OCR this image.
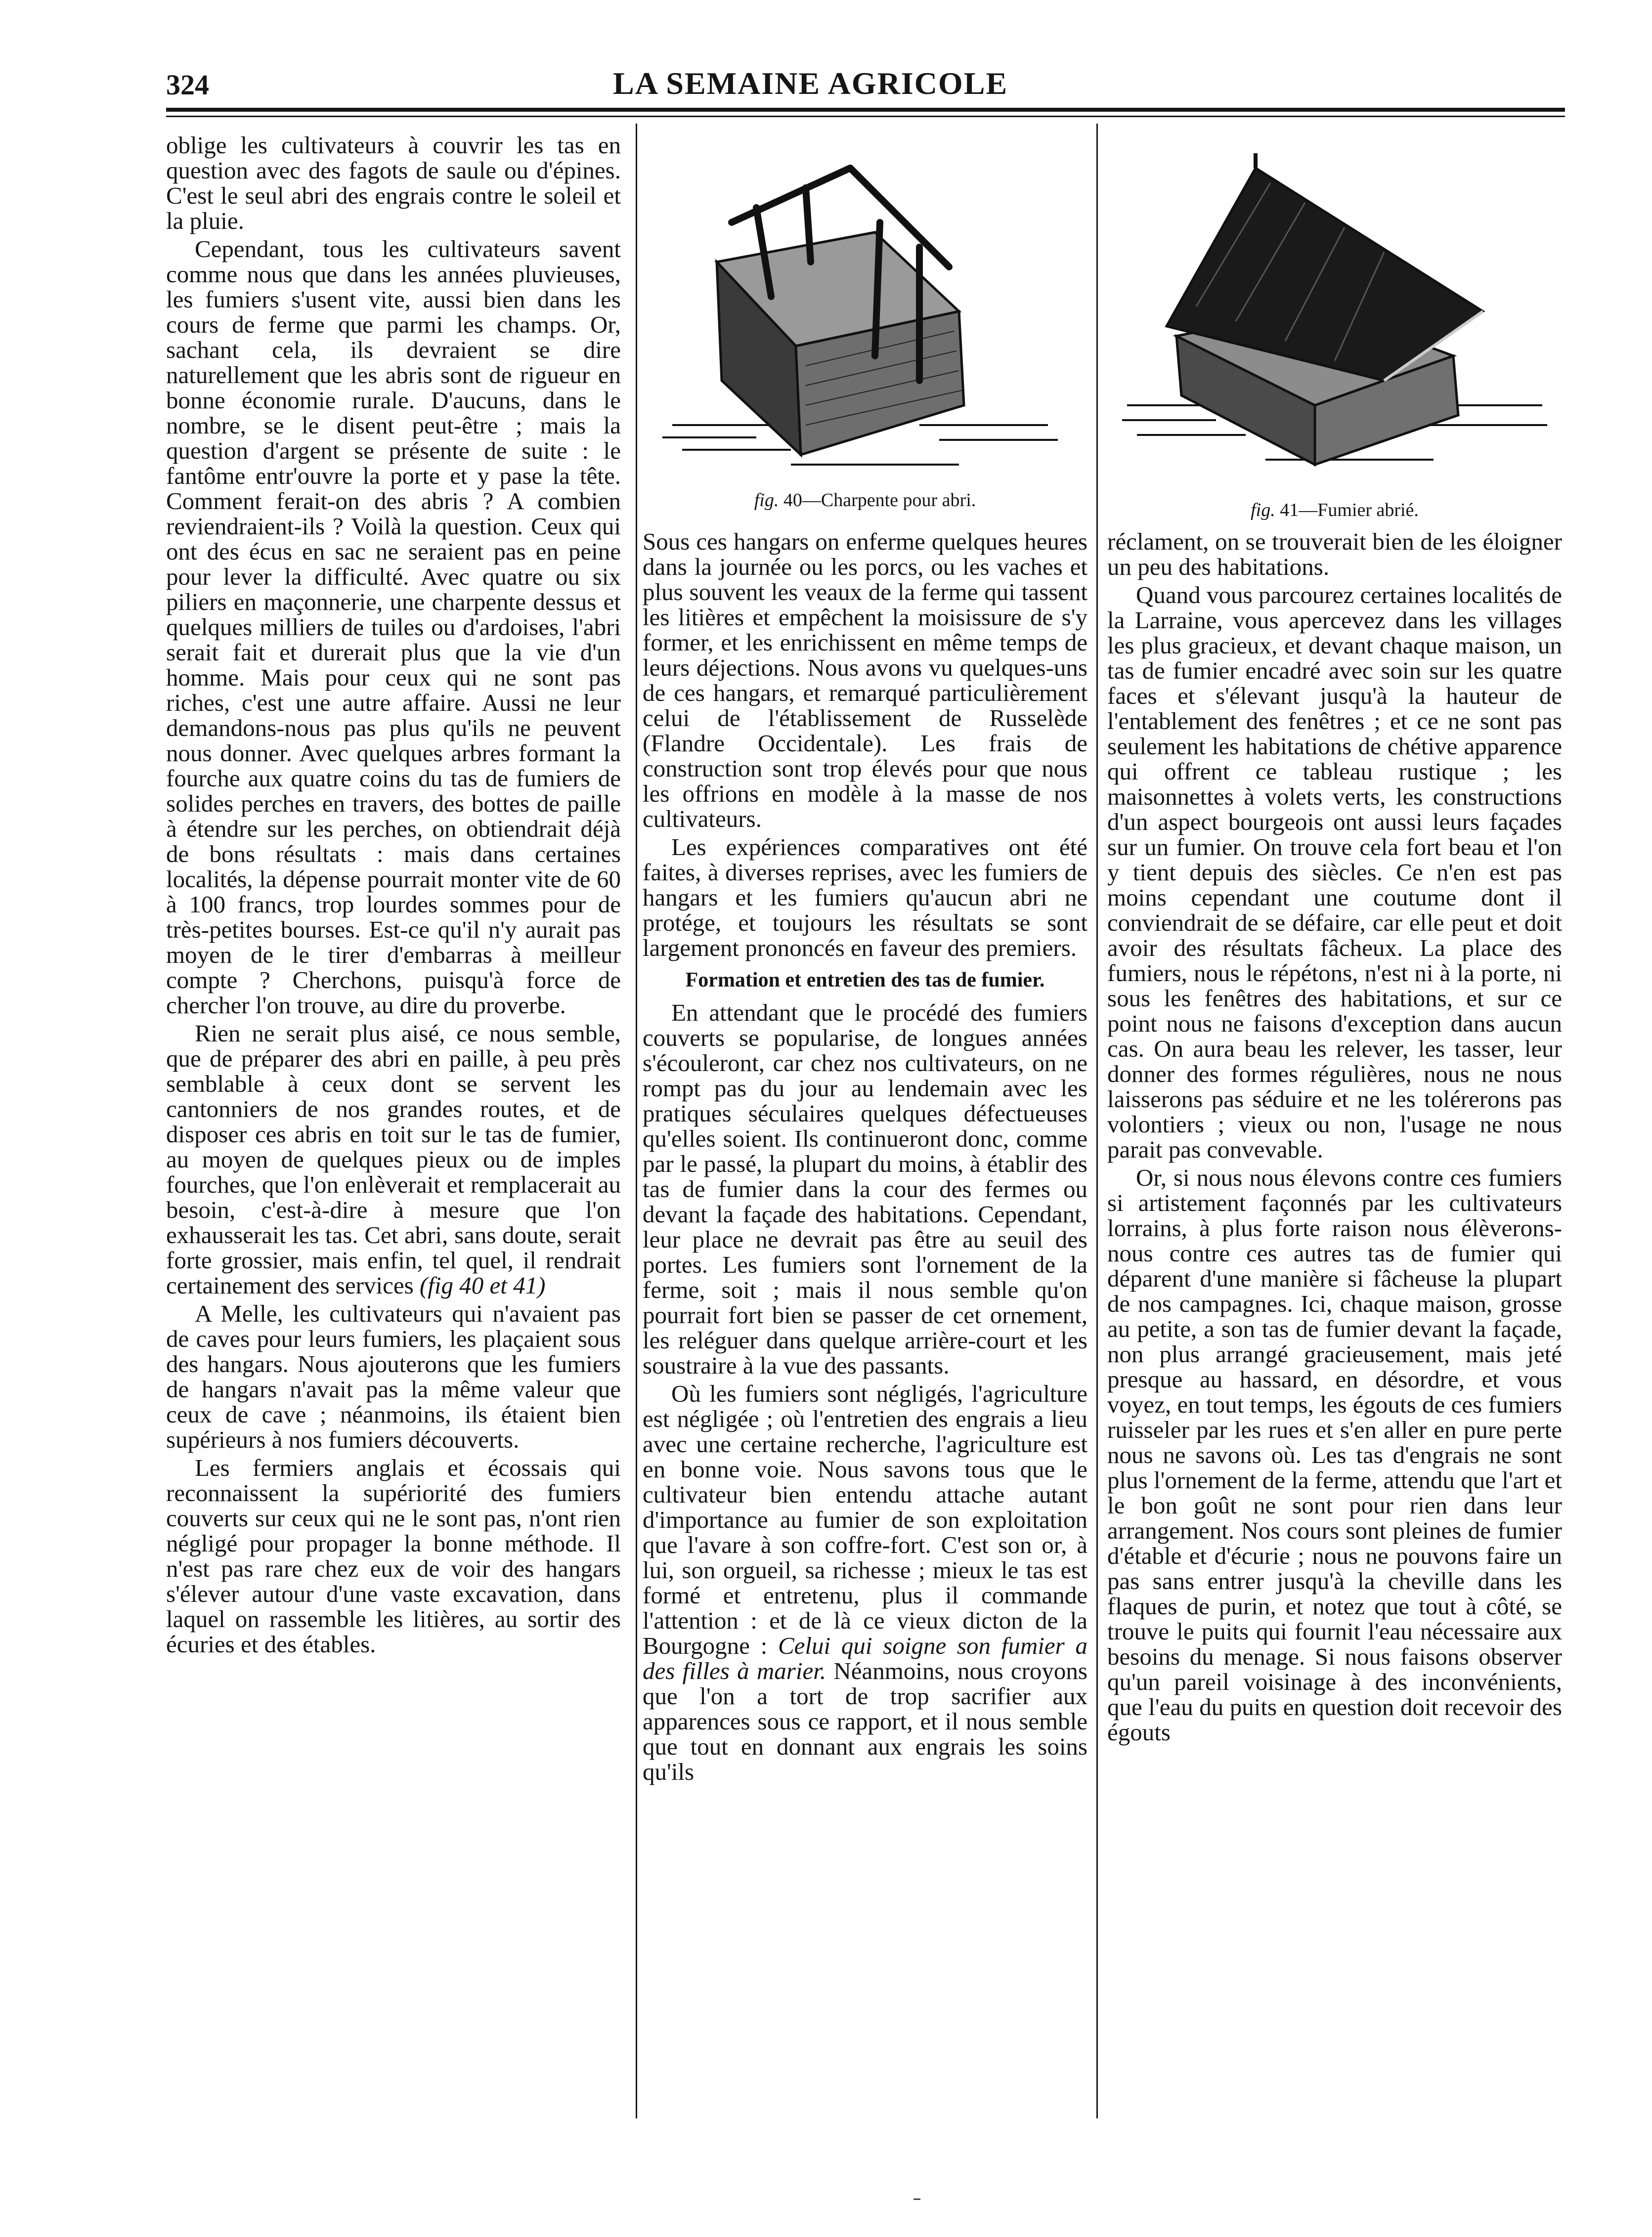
324	LA SEMAINE AGRICOLE

oblige les cultivateurs à couvrir les tas en question avec des fagots de saule ou d'épines. C'est le seul abri des engrais contre le soleil et la pluie.

Cependant, tous les cultivateurs savent comme nous que dans les années pluvieuses, les fumiers s'usent vite, aussi bien dans les cours de ferme que parmi les champs. Or, sachant cela, ils devraient se dire naturellement que les abris sont de rigueur en bonne économie rurale. D'aucuns, dans le nombre, se le disent peut-être ; mais la question d'argent se présente de suite : le fantôme entr'ouvre la porte et y pase la tête. Comment ferait-on des abris ? A combien reviendraient-ils ? Voilà la question. Ceux qui ont des écus en sac ne seraient pas en peine pour lever la difficulté. Avec quatre ou six piliers en maçonnerie, une charpente dessus et quelques milliers de tuiles ou d'ardoises, l'abri serait fait et durerait plus que la vie d'un homme. Mais pour ceux qui ne sont pas riches, c'est une autre affaire. Aussi ne leur demandons-nous pas plus qu'ils ne peuvent nous donner. Avec quelques arbres formant la fourche aux quatre coins du tas de fumiers de solides perches en travers, des bottes de paille à étendre sur les perches, on obtiendrait déjà de bons résultats : mais dans certaines localités, la dépense pourrait monter vite de 60 à 100 francs, trop lourdes sommes pour de très-petites bourses. Est-ce qu'il n'y aurait pas moyen de le tirer d'embarras à meilleur compte ? Cherchons, puisqu'à force de chercher l'on trouve, au dire du proverbe.

Rien ne serait plus aisé, ce nous semble, que de préparer des abri en paille, à peu près semblable à ceux dont se servent les cantonniers de nos grandes routes, et de disposer ces abris en toit sur le tas de fumier, au moyen de quelques pieux ou de imples fourches, que l'on enlèverait et remplacerait au besoin, c'est-à-dire à mesure que l'on exhausserait les tas. Cet abri, sans doute, serait forte grossier, mais enfin, tel quel, il rendrait certainement des services (fig 40 et 41)

A Melle, les cultivateurs qui n'avaient pas de caves pour leurs fumiers, les plaçaient sous des hangars. Nous ajouterons que les fumiers de hangars n'avait pas la même valeur que ceux de cave ; néanmoins, ils étaient bien supérieurs à nos fumiers découverts.

Les fermiers anglais et écossais qui reconnaissent la supériorité des fumiers couverts sur ceux qui ne le sont pas, n'ont rien négligé pour propager la bonne méthode. Il n'est pas rare chez eux de voir des hangars s'élever autour d'une vaste excavation, dans laquel on rassemble les litières, au sortir des écuries et des étables.

fig. 40—Charpente pour abri.	fig. 41—Fumier abrié.

Sous ces hangars on enferme quelques heures dans la journée ou les porcs, ou les vaches et plus souvent les veaux de la ferme qui tassent les litières et empêchent la moisissure de s'y former, et les enrichissent en même temps de leurs déjections. Nous avons vu quelques-uns de ces hangars, et remarqué particulièrement celui de l'établissement de Russelède (Flandre Occidentale). Les frais de construction sont trop élevés pour que nous les offrions en modèle à la masse de nos cultivateurs.

Les expériences comparatives ont été faites, à diverses reprises, avec les fumiers de hangars et les fumiers qu'aucun abri ne protége, et toujours les résultats se sont largement prononcés en faveur des premiers.

Formation et entretien des tas de fumier.

En attendant que le procédé des fumiers couverts se popularise, de longues années s'écouleront, car chez nos cultivateurs, on ne rompt pas du jour au lendemain avec les pratiques séculaires quelques défectueuses qu'elles soient. Ils continueront donc, comme par le passé, la plupart du moins, à établir des tas de fumier dans la cour des fermes ou devant la façade des habitations. Cependant, leur place ne devrait pas être au seuil des portes. Les fumiers sont l'ornement de la ferme, soit ; mais il nous semble qu'on pourrait fort bien se passer de cet ornement, les reléguer dans quelque arrière-court et les soustraire à la vue des passants.

Où les fumiers sont négligés, l'agriculture est négligée ; où l'entretien des engrais a lieu avec une certaine recherche, l'agriculture est en bonne voie. Nous savons tous que le cultivateur bien entendu attache autant d'importance au fumier de son exploitation que l'avare à son coffre-fort. C'est son or, à lui, son orgueil, sa richesse ; mieux le tas est formé et entretenu, plus il commande l'attention : et de là ce vieux dicton de la Bourgogne : Celui qui soigne son fumier a des filles à marier. Néanmoins, nous croyons que l'on a tort de trop sacrifier aux apparences sous ce rapport, et il nous semble que tout en donnant aux engrais les soins qu'ils

réclament, on se trouverait bien de les éloigner un peu des habitations.

Quand vous parcourez certaines localités de la Larraine, vous apercevez dans les villages les plus gracieux, et devant chaque maison, un tas de fumier encadré avec soin sur les quatre faces et s'élevant jusqu'à la hauteur de l'entablement des fenêtres ; et ce ne sont pas seulement les habitations de chétive apparence qui offrent ce tableau rustique ; les maisonnettes à volets verts, les constructions d'un aspect bourgeois ont aussi leurs façades sur un fumier. On trouve cela fort beau et l'on y tient depuis des siècles. Ce n'en est pas moins cependant une coutume dont il conviendrait de se défaire, car elle peut et doit avoir des résultats fâcheux. La place des fumiers, nous le répétons, n'est ni à la porte, ni sous les fenêtres des habitations, et sur ce point nous ne faisons d'exception dans aucun cas. On aura beau les relever, les tasser, leur donner des formes régulières, nous ne nous laisserons pas séduire et ne les tolérerons pas volontiers ; vieux ou non, l'usage ne nous parait pas convevable.

Or, si nous nous élevons contre ces fumiers si artistement façonnés par les cultivateurs lorrains, à plus forte raison nous élèverons-nous contre ces autres tas de fumier qui déparent d'une manière si fâcheuse la plupart de nos campagnes. Ici, chaque maison, grosse au petite, a son tas de fumier devant la façade, non plus arrangé gracieusement, mais jeté presque au hassard, en désordre, et vous voyez, en tout temps, les égouts de ces fumiers ruisseler par les rues et s'en aller en pure perte nous ne savons où. Les tas d'engrais ne sont plus l'ornement de la ferme, attendu que l'art et le bon goût ne sont pour rien dans leur arrangement. Nos cours sont pleines de fumier d'étable et d'écurie ; nous ne pouvons faire un pas sans entrer jusqu'à la cheville dans les flaques de purin, et notez que tout à côté, se trouve le puits qui fournit l'eau nécessaire aux besoins du menage. Si nous faisons observer qu'un pareil voisinage à des inconvénients, que l'eau du puits en question doit recevoir des égouts
